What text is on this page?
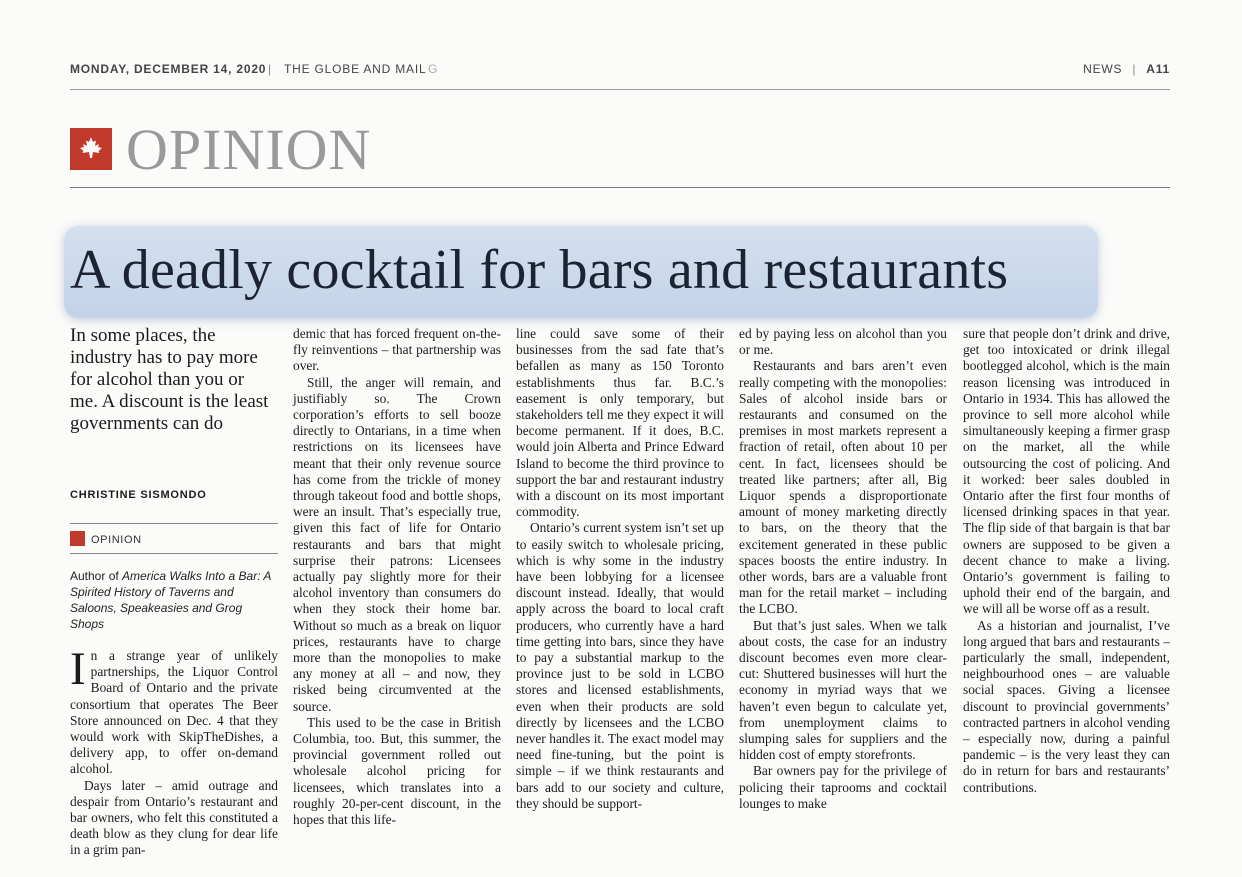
MONDAY, DECEMBER 14, 2020 | THE GLOBE AND MAIL G	NEWS | A11
OPINION
A deadly cocktail for bars and restaurants
In some places, the industry has to pay more for alcohol than you or me. A discount is the least governments can do
CHRISTINE SISMONDO
OPINION
Author of America Walks Into a Bar: A Spirited History of Taverns and Saloons, Speakeasies and Grog Shops

In a strange year of unlikely partnerships, the Liquor Control Board of Ontario and the private consortium that operates The Beer Store announced on Dec. 4 that they would work with SkipTheDishes, a delivery app, to offer on-demand alcohol.

Days later – amid outrage and despair from Ontario’s restaurant and bar owners, who felt this constituted a death blow as they clung for dear life in a grim pan-

demic that has forced frequent on-the-fly reinventions – that partnership was over.

Still, the anger will remain, and justifiably so. The Crown corporation’s efforts to sell booze directly to Ontarians, in a time when restrictions on its licensees have meant that their only revenue source has come from the trickle of money through takeout food and bottle shops, were an insult. That’s especially true, given this fact of life for Ontario restaurants and bars that might surprise their patrons: Licensees actually pay slightly more for their alcohol inventory than consumers do when they stock their home bar. Without so much as a break on liquor prices, restaurants have to charge more than the monopolies to make any money at all – and now, they risked being circumvented at the source.

This used to be the case in British Columbia, too. But, this summer, the provincial government rolled out wholesale alcohol pricing for licensees, which translates into a roughly 20-per-cent discount, in the hopes that this life-

line could save some of their businesses from the sad fate that’s befallen as many as 150 Toronto establishments thus far. B.C.’s easement is only temporary, but stakeholders tell me they expect it will become permanent. If it does, B.C. would join Alberta and Prince Edward Island to become the third province to support the bar and restaurant industry with a discount on its most important commodity.

Ontario’s current system isn’t set up to easily switch to wholesale pricing, which is why some in the industry have been lobbying for a licensee discount instead. Ideally, that would apply across the board to local craft producers, who currently have a hard time getting into bars, since they have to pay a substantial markup to the province just to be sold in LCBO stores and licensed establishments, even when their products are sold directly by licensees and the LCBO never handles it. The exact model may need fine-tuning, but the point is simple – if we think restaurants and bars add to our society and culture, they should be support-

ed by paying less on alcohol than you or me.

Restaurants and bars aren’t even really competing with the monopolies: Sales of alcohol inside bars or restaurants and consumed on the premises in most markets represent a fraction of retail, often about 10 per cent. In fact, licensees should be treated like partners; after all, Big Liquor spends a disproportionate amount of money marketing directly to bars, on the theory that the excitement generated in these public spaces boosts the entire industry. In other words, bars are a valuable front man for the retail market – including the LCBO.

But that’s just sales. When we talk about costs, the case for an industry discount becomes even more clear-cut: Shuttered businesses will hurt the economy in myriad ways that we haven’t even begun to calculate yet, from unemployment claims to slumping sales for suppliers and the hidden cost of empty storefronts.

Bar owners pay for the privilege of policing their taprooms and cocktail lounges to make

sure that people don’t drink and drive, get too intoxicated or drink illegal bootlegged alcohol, which is the main reason licensing was introduced in Ontario in 1934. This has allowed the province to sell more alcohol while simultaneously keeping a firmer grasp on the market, all the while outsourcing the cost of policing. And it worked: beer sales doubled in Ontario after the first four months of licensed drinking spaces in that year. The flip side of that bargain is that bar owners are supposed to be given a decent chance to make a living. Ontario’s government is failing to uphold their end of the bargain, and we will all be worse off as a result.

As a historian and journalist, I’ve long argued that bars and restaurants – particularly the small, independent, neighbourhood ones – are valuable social spaces. Giving a licensee discount to provincial governments’ contracted partners in alcohol vending – especially now, during a painful pandemic – is the very least they can do in return for bars and restaurants’ contributions.
